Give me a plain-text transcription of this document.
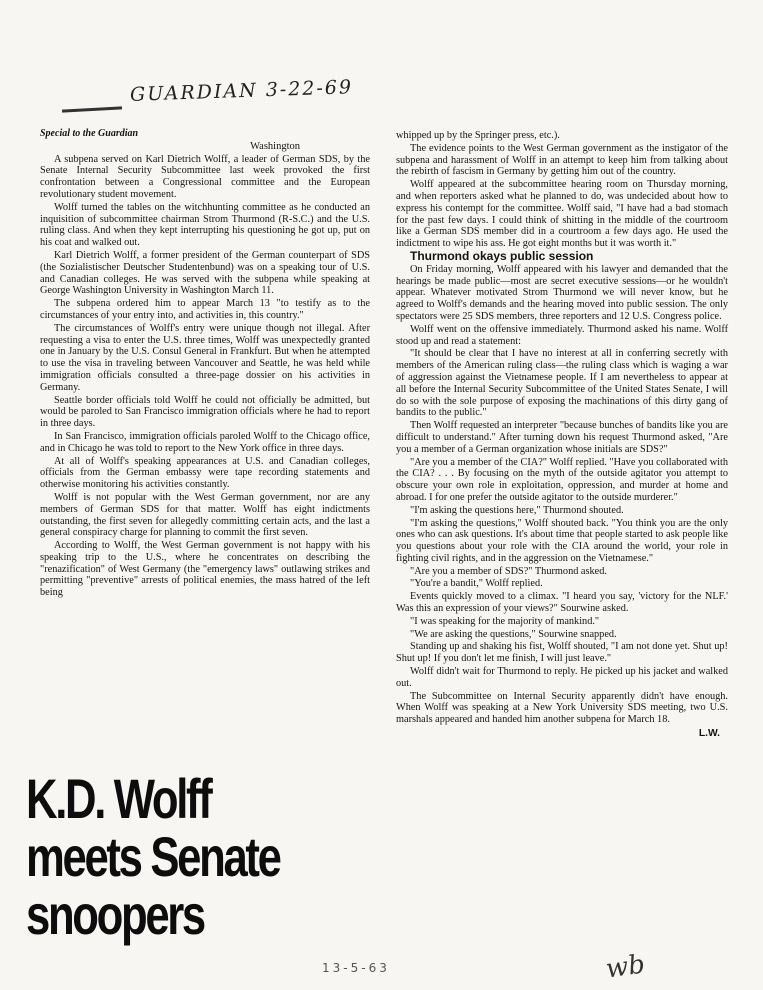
GUARDIAN 3-22-69
Special to the Guardian
Washington

A subpena served on Karl Dietrich Wolff, a leader of German SDS, by the Senate Internal Security Subcommittee last week provoked the first confrontation between a Congressional committee and the European revolutionary student movement.

Wolff turned the tables on the witchhunting committee as he conducted an inquisition of subcommittee chairman Strom Thurmond (R-S.C.) and the U.S. ruling class. And when they kept interrupting his questioning he got up, put on his coat and walked out.

Karl Dietrich Wolff, a former president of the German counterpart of SDS (the Sozialistischer Deutscher Studentenbund) was on a speaking tour of U.S. and Canadian colleges. He was served with the subpena while speaking at George Washington University in Washington March 11.

The subpena ordered him to appear March 13 "to testify as to the circumstances of your entry into, and activities in, this country."

The circumstances of Wolff's entry were unique though not illegal. After requesting a visa to enter the U.S. three times, Wolff was unexpectedly granted one in January by the U.S. Consul General in Frankfurt. But when he attempted to use the visa in traveling between Vancouver and Seattle, he was held while immigration officials consulted a three-page dossier on his activities in Germany.

Seattle border officials told Wolff he could not officially be admitted, but would be paroled to San Francisco immigration officials where he had to report in three days.

In San Francisco, immigration officials paroled Wolff to the Chicago office, and in Chicago he was told to report to the New York office in three days.

At all of Wolff's speaking appearances at U.S. and Canadian colleges, officials from the German embassy were tape recording statements and otherwise monitoring his activities constantly.

Wolff is not popular with the West German government, nor are any members of German SDS for that matter. Wolff has eight indictments outstanding, the first seven for allegedly committing certain acts, and the last a general conspiracy charge for planning to commit the first seven.

According to Wolff, the West German government is not happy with his speaking trip to the U.S., where he concentrates on describing the "renazification" of West Germany (the "emergency laws" outlawing strikes and permitting "preventive" arrests of political enemies, the mass hatred of the left being

K.D. Wolff
meets Senate
snoopers

whipped up by the Springer press, etc.).

The evidence points to the West German government as the instigator of the subpena and harassment of Wolff in an attempt to keep him from talking about the rebirth of fascism in Germany by getting him out of the country.

Wolff appeared at the subcommittee hearing room on Thursday morning, and when reporters asked what he planned to do, was undecided about how to express his contempt for the committee. Wolff said, "I have had a bad stomach for the past few days. I could think of shitting in the middle of the courtroom like a German SDS member did in a courtroom a few days ago. He used the indictment to wipe his ass. He got eight months but it was worth it."

Thurmond okays public session

On Friday morning, Wolff appeared with his lawyer and demanded that the hearings be made public—most are secret executive sessions—or he wouldn't appear. Whatever motivated Strom Thurmond we will never know, but he agreed to Wolff's demands and the hearing moved into public session. The only spectators were 25 SDS members, three reporters and 12 U.S. Congress police.

Wolff went on the offensive immediately. Thurmond asked his name. Wolff stood up and read a statement:

"It should be clear that I have no interest at all in conferring secretly with members of the American ruling class—the ruling class which is waging a war of aggression against the Vietnamese people. If I am nevertheless to appear at all before the Internal Security Subcommittee of the United States Senate, I will do so with the sole purpose of exposing the machinations of this dirty gang of bandits to the public."

Then Wolff requested an interpreter "because bunches of bandits like you are difficult to understand." After turning down his request Thurmond asked, "Are you a member of a German organization whose initials are SDS?"

"Are you a member of the CIA?" Wolff replied. "Have you collaborated with the CIA? . . . By focusing on the myth of the outside agitator you attempt to obscure your own role in exploitation, oppression, and murder at home and abroad. I for one prefer the outside agitator to the outside murderer."

"I'm asking the questions here," Thurmond shouted.

"I'm asking the questions," Wolff shouted back. "You think you are the only ones who can ask questions. It's about time that people started to ask people like you questions about your role with the CIA around the world, your role in fighting civil rights, and in the aggression on the Vietnamese."

"Are you a member of SDS?" Thurmond asked.

"You're a bandit," Wolff replied.

Events quickly moved to a climax. "I heard you say, 'victory for the NLF.' Was this an expression of your views?" Sourwine asked.

"I was speaking for the majority of mankind."

"We are asking the questions," Sourwine snapped.

Standing up and shaking his fist, Wolff shouted, "I am not done yet. Shut up! Shut up! If you don't let me finish, I will just leave."

Wolff didn't wait for Thurmond to reply. He picked up his jacket and walked out.

The Subcommittee on Internal Security apparently didn't have enough. When Wolff was speaking at a New York University SDS meeting, two U.S. marshals appeared and handed him another subpena for March 18.

L.W.
13-5-63	wb
